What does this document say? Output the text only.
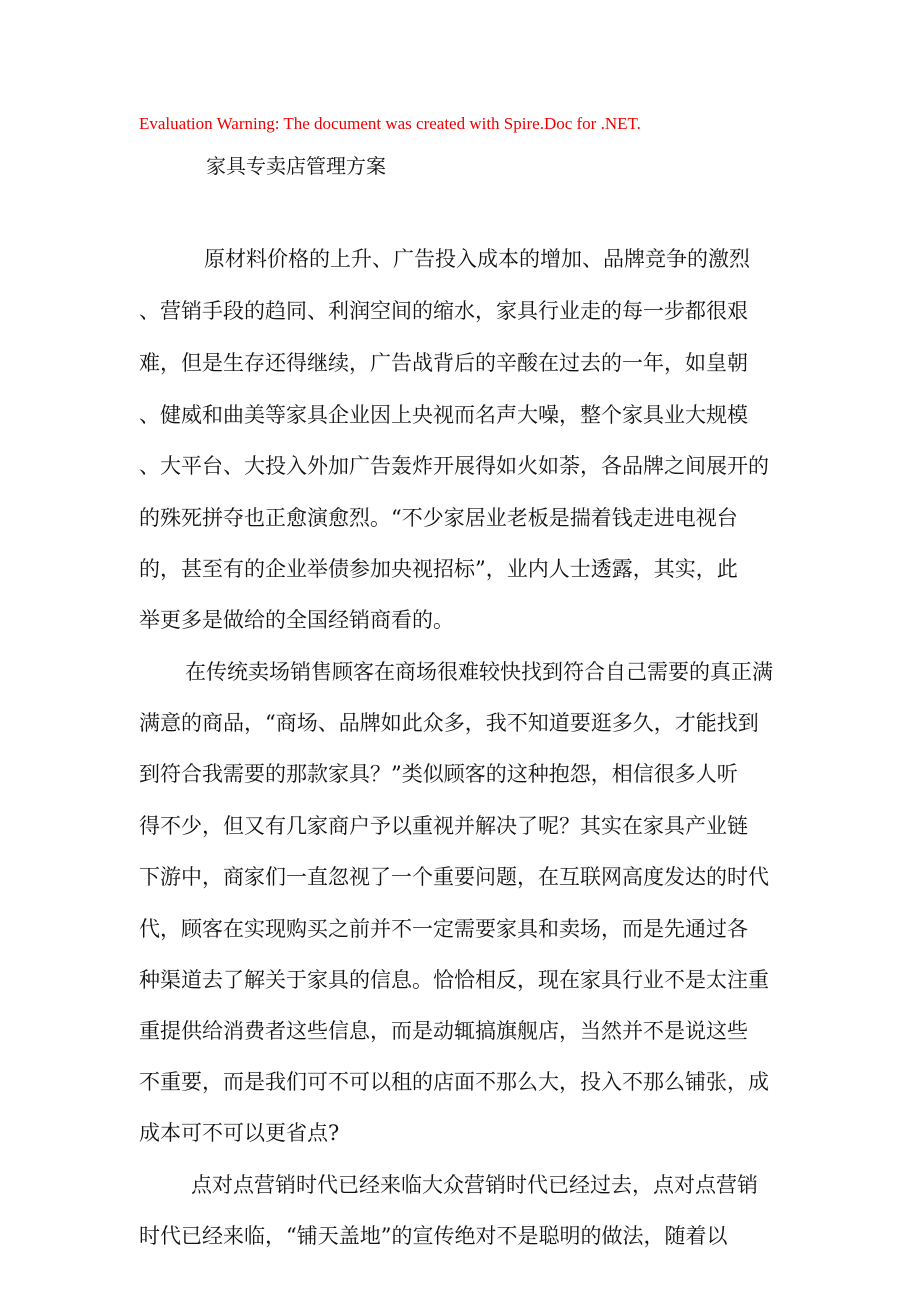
Evaluation Warning: The document was created with Spire.Doc for .NET.
家具专卖店管理方案
原材料价格的上升、广告投入成本的增加、品牌竞争的激烈
、营销手段的趋同、利润空间的缩水，家具行业走的每一步都很艰
难，但是生存还得继续，广告战背后的辛酸在过去的一年，如皇朝
、健威和曲美等家具企业因上央视而名声大噪，整个家具业大规模
、大平台、大投入外加广告轰炸开展得如火如荼，各品牌之间展开的
的殊死拼夺也正愈演愈烈。“不少家居业老板是揣着钱走进电视台
的，甚至有的企业举债参加央视招标”，业内人士透露，其实，此
举更多是做给的全国经销商看的。
在传统卖场销售顾客在商场很难较快找到符合自己需要的真正满
满意的商品，“商场、品牌如此众多，我不知道要逛多久，才能找到
到符合我需要的那款家具？”类似顾客的这种抱怨，相信很多人听
得不少，但又有几家商户予以重视并解决了呢？其实在家具产业链
下游中，商家们一直忽视了一个重要问题，在互联网高度发达的时代
代，顾客在实现购买之前并不一定需要家具和卖场，而是先通过各
种渠道去了解关于家具的信息。恰恰相反，现在家具行业不是太注重
重提供给消费者这些信息，而是动辄搞旗舰店，当然并不是说这些
不重要，而是我们可不可以租的店面不那么大，投入不那么铺张，成
成本可不可以更省点?
点对点营销时代已经来临大众营销时代已经过去，点对点营销
时代已经来临，“铺天盖地”的宣传绝对不是聪明的做法，随着以
